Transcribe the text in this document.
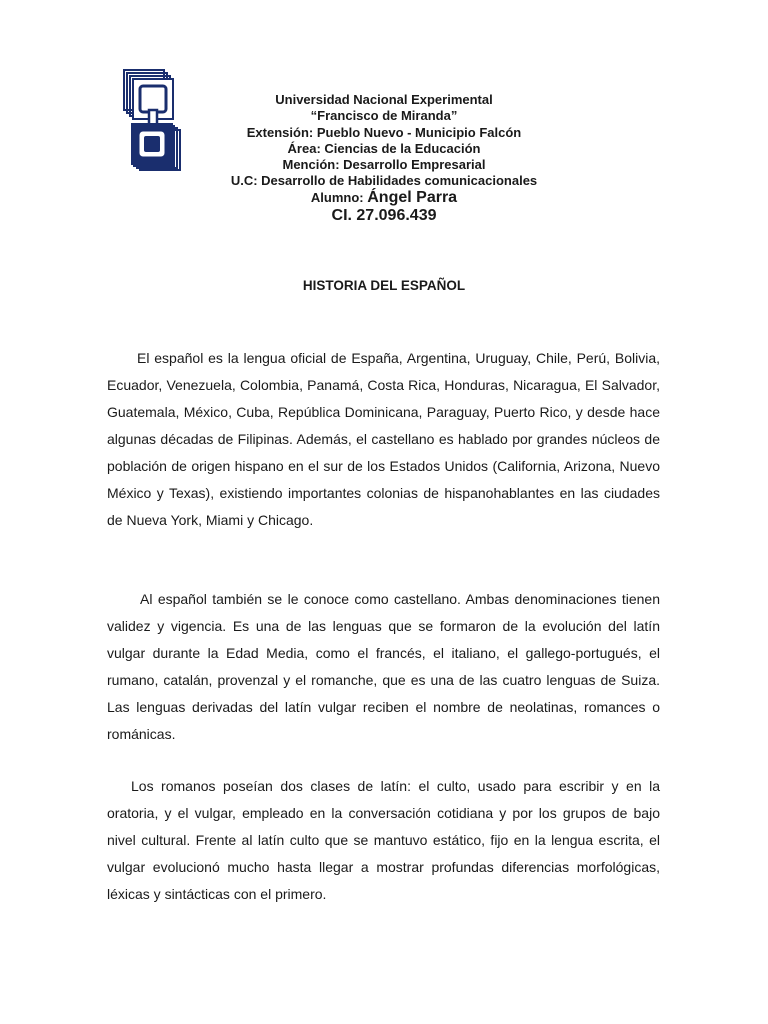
Universidad Nacional Experimental
“Francisco de Miranda”
Extensión: Pueblo Nuevo - Municipio Falcón
Área: Ciencias de la Educación
Mención: Desarrollo Empresarial
U.C: Desarrollo de Habilidades comunicacionales
Alumno: Ángel Parra
CI. 27.096.439
HISTORIA DEL ESPAÑOL

El español es la lengua oficial de España, Argentina, Uruguay, Chile, Perú, Bolivia, Ecuador, Venezuela, Colombia, Panamá, Costa Rica, Honduras, Nicaragua, El Salvador, Guatemala, México, Cuba, República Dominicana, Paraguay, Puerto Rico, y desde hace algunas décadas de Filipinas. Además, el castellano es hablado por grandes núcleos de población de origen hispano en el sur de los Estados Unidos (California, Arizona, Nuevo México y Texas), existiendo importantes colonias de hispanohablantes en las ciudades de Nueva York, Miami y Chicago.

Al español también se le conoce como castellano. Ambas denominaciones tienen validez y vigencia. Es una de las lenguas que se formaron de la evolución del latín vulgar durante la Edad Media, como el francés, el italiano, el gallego-portugués, el rumano, catalán, provenzal y el romanche, que es una de las cuatro lenguas de Suiza. Las lenguas derivadas del latín vulgar reciben el nombre de neolatinas, romances o románicas.

Los romanos poseían dos clases de latín: el culto, usado para escribir y en la oratoria, y el vulgar, empleado en la conversación cotidiana y por los grupos de bajo nivel cultural. Frente al latín culto que se mantuvo estático, fijo en la lengua escrita, el vulgar evolucionó mucho hasta llegar a mostrar profundas diferencias morfológicas, léxicas y sintácticas con el primero.
